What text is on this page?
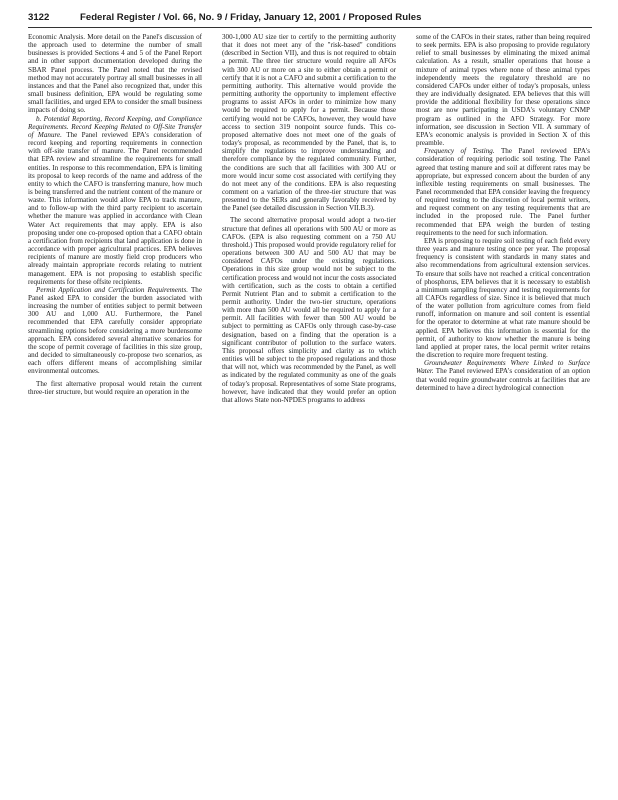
3122	Federal Register / Vol. 66, No. 9 / Friday, January 12, 2001 / Proposed Rules

Economic Analysis. More detail on the Panel's discussion of the approach used to determine the number of small businesses is provided Sections 4 and 5 of the Panel Report and in other support documentation developed during the SBAR Panel process. The Panel noted that the revised method may not accurately portray all small businesses in all instances and that the Panel also recognized that, under this small business definition, EPA would be regulating some small facilities, and urged EPA to consider the small business impacts of doing so.

b. Potential Reporting, Record Keeping, and Compliance Requirements. Record Keeping Related to Off-Site Transfer of Manure. The Panel reviewed EPA's consideration of record keeping and reporting requirements in connection with off-site transfer of manure. The Panel recommended that EPA review and streamline the requirements for small entities. In response to this recommendation, EPA is limiting its proposal to keep records of the name and address of the entity to which the CAFO is transferring manure, how much is being transferred and the nutrient content of the manure or waste. This information would allow EPA to track manure, and to follow-up with the third party recipient to ascertain whether the manure was applied in accordance with Clean Water Act requirements that may apply. EPA is also proposing under one co-proposed option that a CAFO obtain a certification from recipients that land application is done in accordance with proper agricultural practices. EPA believes recipients of manure are mostly field crop producers who already maintain appropriate records relating to nutrient management. EPA is not proposing to establish specific requirements for these offsite recipients.

Permit Application and Certification Requirements. The Panel asked EPA to consider the burden associated with increasing the number of entities subject to permit between 300 AU and 1,000 AU. Furthermore, the Panel recommended that EPA carefully consider appropriate streamlining options before considering a more burdensome approach. EPA considered several alternative scenarios for the scope of permit coverage of facilities in this size group, and decided to simultaneously co-propose two scenarios, as each offers different means of accomplishing similar environmental outcomes.

The first alternative proposal would retain the current three-tier structure, but would require an operation in the

300-1,000 AU size tier to certify to the permitting authority that it does not meet any of the "risk-based" conditions (described in Section VII), and thus is not required to obtain a permit. The three tier structure would require all AFOs with 300 AU or more on a site to either obtain a permit or certify that it is not a CAFO and submit a certification to the permitting authority. This alternative would provide the permitting authority the opportunity to implement effective programs to assist AFOs in order to minimize how many would be required to apply for a permit. Because those certifying would not be CAFOs, however, they would have access to section 319 nonpoint source funds. This co-proposed alternative does not meet one of the goals of today's proposal, as recommended by the Panel, that is, to simplify the regulations to improve understanding and therefore compliance by the regulated community. Further, the conditions are such that all facilities with 300 AU or more would incur some cost associated with certifying they do not meet any of the conditions. EPA is also requesting comment on a variation of the three-tier structure that was presented to the SERs and generally favorably received by the Panel (see detailed discussion in Section VII.B.3).

The second alternative proposal would adopt a two-tier structure that defines all operations with 500 AU or more as CAFOs. (EPA is also requesting comment on a 750 AU threshold.) This proposed would provide regulatory relief for operations between 300 AU and 500 AU that may be considered CAFOs under the existing regulations. Operations in this size group would not be subject to the certification process and would not incur the costs associated with certification, such as the costs to obtain a certified Permit Nutrient Plan and to submit a certification to the permit authority. Under the two-tier structure, operations with more than 500 AU would all be required to apply for a permit. All facilities with fewer than 500 AU would be subject to permitting as CAFOs only through case-by-case designation, based on a finding that the operation is a significant contributor of pollution to the surface waters. This proposal offers simplicity and clarity as to which entities will be subject to the proposed regulations and those that will not, which was recommended by the Panel, as well as indicated by the regulated community as one of the goals of today's proposal. Representatives of some State programs, however, have indicated that they would prefer an option that allows State non-NPDES programs to address

some of the CAFOs in their states, rather than being required to seek permits. EPA is also proposing to provide regulatory relief to small businesses by eliminating the mixed animal calculation. As a result, smaller operations that house a mixture of animal types where none of these animal types independently meets the regulatory threshold are no considered CAFOs under either of today's proposals, unless they are individually designated. EPA believes that this will provide the additional flexibility for these operations since most are now participating in USDA's voluntary CNMP program as outlined in the AFO Strategy. For more information, see discussion in Section VII. A summary of EPA's economic analysis is provided in Section X of this preamble.

Frequency of Testing. The Panel reviewed EPA's consideration of requiring periodic soil testing. The Panel agreed that testing manure and soil at different rates may be appropriate, but expressed concern about the burden of any inflexible testing requirements on small businesses. The Panel recommended that EPA consider leaving the frequency of required testing to the discretion of local permit writers, and request comment on any testing requirements that are included in the proposed rule. The Panel further recommended that EPA weigh the burden of testing requirements to the need for such information.

EPA is proposing to require soil testing of each field every three years and manure testing once per year. The proposal frequency is consistent with standards in many states and also recommendations from agricultural extension services. To ensure that soils have not reached a critical concentration of phosphorus, EPA believes that it is necessary to establish a minimum sampling frequency and testing requirements for all CAFOs regardless of size. Since it is believed that much of the water pollution from agriculture comes from field runoff, information on manure and soil content is essential for the operator to determine at what rate manure should be applied. EPA believes this information is essential for the permit, of authority to know whether the manure is being land applied at proper rates, the local permit writer retains the discretion to require more frequent testing.

Groundwater Requirements Where Linked to Surface Water. The Panel reviewed EPA's consideration of an option that would require groundwater controls at facilities that are determined to have a direct hydrological connection
